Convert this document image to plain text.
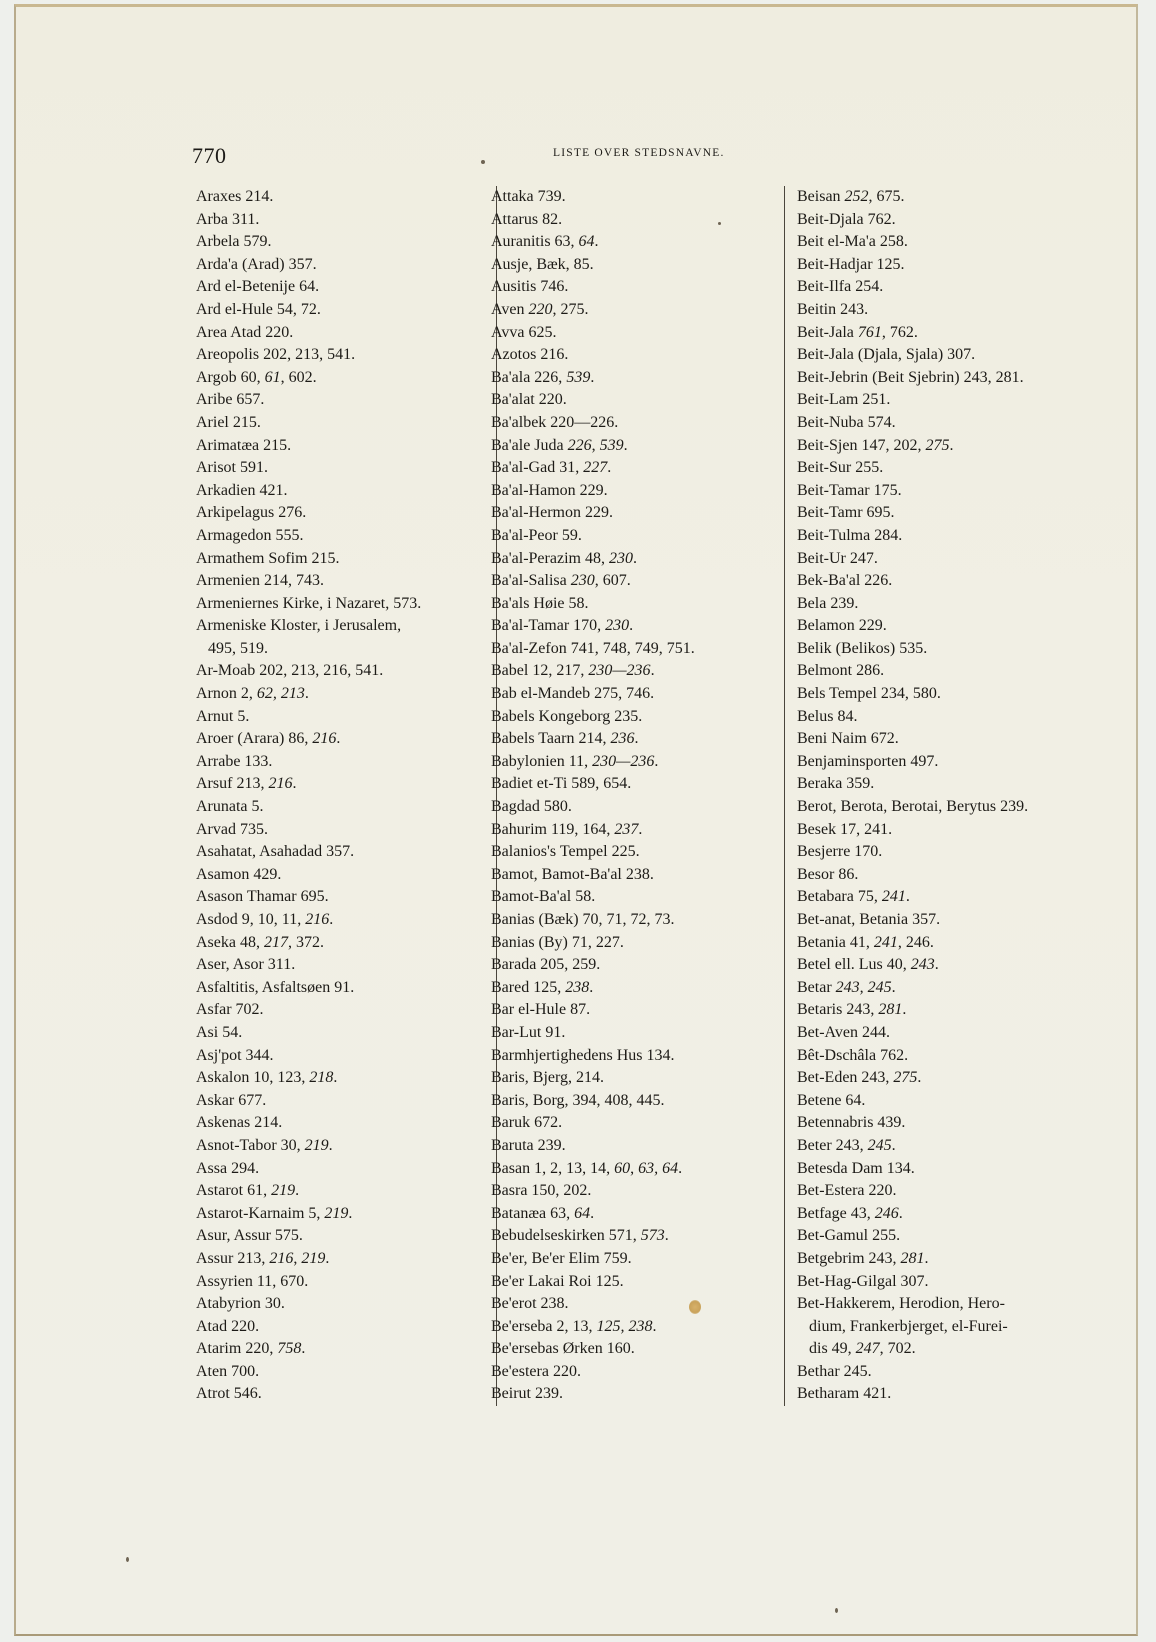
770	LISTE OVER STEDSNAVNE.
Araxes 214.
Arba 311.
Arbela 579.
Arda'a (Arad) 357.
Ard el-Betenije 64.
Ard el-Hule 54, 72.
Area Atad 220.
Areopolis 202, 213, 541.
Argob 60, 61, 602.
Aribe 657.
Ariel 215.
Arimatæa 215.
Arisot 591.
Arkadien 421.
Arkipelagus 276.
Armagedon 555.
Armathem Sofim 215.
Armenien 214, 743.
Armeniernes Kirke, i Nazaret, 573.
Armeniske Kloster, i Jerusalem,
495, 519.
Ar-Moab 202, 213, 216, 541.
Arnon 2, 62, 213.
Arnut 5.
Aroer (Arara) 86, 216.
Arrabe 133.
Arsuf 213, 216.
Arunata 5.
Arvad 735.
Asahatat, Asahadad 357.
Asamon 429.
Asason Thamar 695.
Asdod 9, 10, 11, 216.
Aseka 48, 217, 372.
Aser, Asor 311.
Asfaltitis, Asfaltsøen 91.
Asfar 702.
Asi 54.
Asj'pot 344.
Askalon 10, 123, 218.
Askar 677.
Askenas 214.
Asnot-Tabor 30, 219.
Assa 294.
Astarot 61, 219.
Astarot-Karnaim 5, 219.
Asur, Assur 575.
Assur 213, 216, 219.
Assyrien 11, 670.
Atabyrion 30.
Atad 220.
Atarim 220, 758.
Aten 700.
Atrot 546.
Attaka 739.
Attarus 82.
Auranitis 63, 64.
Ausje, Bæk, 85.
Ausitis 746.
Aven 220, 275.
Avva 625.
Azotos 216.
Ba'ala 226, 539.
Ba'alat 220.
Ba'albek 220—226.
Ba'ale Juda 226, 539.
Ba'al-Gad 31, 227.
Ba'al-Hamon 229.
Ba'al-Hermon 229.
Ba'al-Peor 59.
Ba'al-Perazim 48, 230.
Ba'al-Salisa 230, 607.
Ba'als Høie 58.
Ba'al-Tamar 170, 230.
Ba'al-Zefon 741, 748, 749, 751.
Babel 12, 217, 230—236.
Bab el-Mandeb 275, 746.
Babels Kongeborg 235.
Babels Taarn 214, 236.
Babylonien 11, 230—236.
Badiet et-Ti 589, 654.
Bagdad 580.
Bahurim 119, 164, 237.
Balanios's Tempel 225.
Bamot, Bamot-Ba'al 238.
Bamot-Ba'al 58.
Banias (Bæk) 70, 71, 72, 73.
Banias (By) 71, 227.
Barada 205, 259.
Bared 125, 238.
Bar el-Hule 87.
Bar-Lut 91.
Barmhjertighedens Hus 134.
Baris, Bjerg, 214.
Baris, Borg, 394, 408, 445.
Baruk 672.
Baruta 239.
Basan 1, 2, 13, 14, 60, 63, 64.
Basra 150, 202.
Batanæa 63, 64.
Bebudelseskirken 571, 573.
Be'er, Be'er Elim 759.
Be'er Lakai Roi 125.
Be'erot 238.
Be'erseba 2, 13, 125, 238.
Be'ersebas Ørken 160.
Be'estera 220.
Beirut 239.
Beisan 252, 675.
Beit-Djala 762.
Beit el-Ma'a 258.
Beit-Hadjar 125.
Beit-Ilfa 254.
Beitin 243.
Beit-Jala 761, 762.
Beit-Jala (Djala, Sjala) 307.
Beit-Jebrin (Beit Sjebrin) 243, 281.
Beit-Lam 251.
Beit-Nuba 574.
Beit-Sjen 147, 202, 275.
Beit-Sur 255.
Beit-Tamar 175.
Beit-Tamr 695.
Beit-Tulma 284.
Beit-Ur 247.
Bek-Ba'al 226.
Bela 239.
Belamon 229.
Belik (Belikos) 535.
Belmont 286.
Bels Tempel 234, 580.
Belus 84.
Beni Naim 672.
Benjaminsporten 497.
Beraka 359.
Berot, Berota, Berotai, Berytus 239.
Besek 17, 241.
Besjerre 170.
Besor 86.
Betabara 75, 241.
Bet-anat, Betania 357.
Betania 41, 241, 246.
Betel ell. Lus 40, 243.
Betar 243, 245.
Betaris 243, 281.
Bet-Aven 244.
Bêt-Dschâla 762.
Bet-Eden 243, 275.
Betene 64.
Betennabris 439.
Beter 243, 245.
Betesda Dam 134.
Bet-Estera 220.
Betfage 43, 246.
Bet-Gamul 255.
Betgebrim 243, 281.
Bet-Hag-Gilgal 307.
Bet-Hakkerem, Herodion, Hero-
dium, Frankerbjerget, el-Furei-
dis 49, 247, 702.
Bethar 245.
Betharam 421.
